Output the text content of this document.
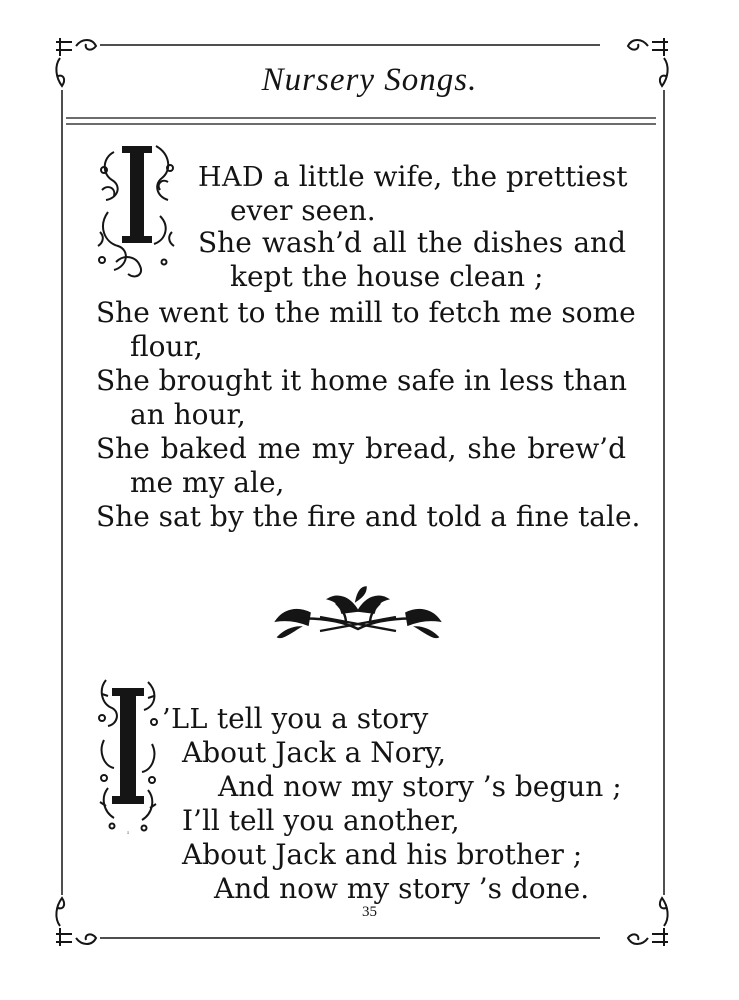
Nursery Songs.
I
HAD a little wife, the prettiest
ever seen.
She wash’d all the dishes and
kept the house clean ;
She went to the mill to fetch me some
flour,
She brought it home safe in less than
an hour,
She baked me my bread, she brew’d
me my ale,
She sat by the fire and told a fine tale.
I
’LL tell you a story
About Jack a Nory,
And now my story ’s begun ;
I’ll tell you another,
About Jack and his brother ;
And now my story ’s done.
35
